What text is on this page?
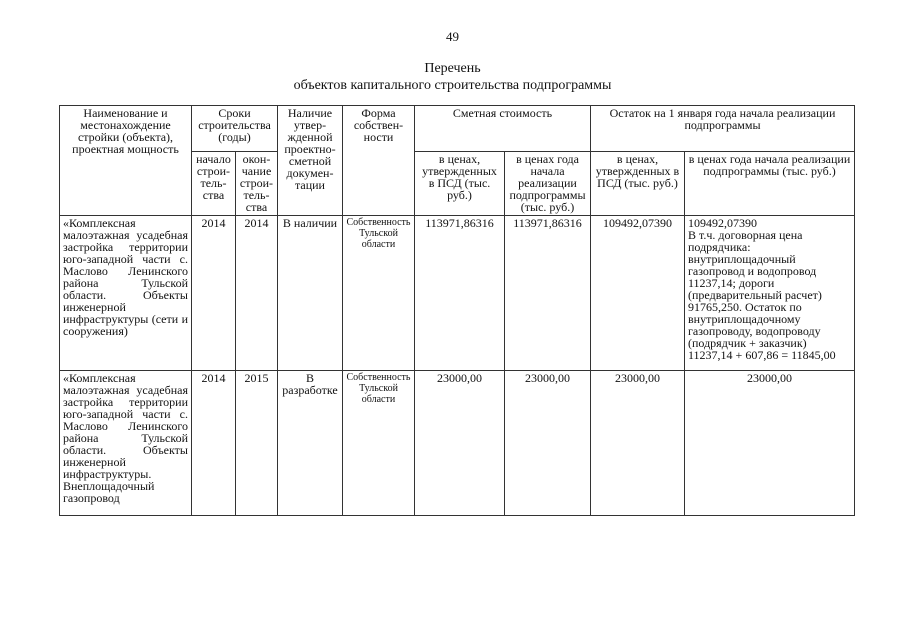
49
Перечень
объектов капитального строительства подпрограммы
Наименование и местонахождение стройки (объекта), проектная мощность	Сроки строительства (годы)		Наличие утвер-жденной проектно-сметной докумен-тации	Форма собствен-ности	Сметная стоимость		Остаток на 1 января года начала реализации подпрограммы	
	начало строи-тель-ства	окон-чание строи-тель-ства			в ценах, утвержденных в ПСД (тыс. руб.)	в ценах года начала реализации подпрограммы (тыс. руб.)	в ценах, утвержденных в ПСД (тыс. руб.)	в ценах года начала реализации подпрограммы (тыс. руб.)
«Комплексная малоэтажная усадебная застройка территории юго-западной части с. Маслово Ленинского района Тульской области. Объекты инженерной инфраструктуры (сети и сооружения)	2014	2014	В наличии	Собственность Тульской области	113971,86316	113971,86316	109492,07390	109492,07390
В т.ч. договорная цена подрядчика: внутриплощадочный газопровод и водопровод 11237,14; дороги (предварительный расчет) 91765,250. Остаток по внутриплощадочному газопроводу, водопроводу (подрядчик + заказчик) 11237,14 + 607,86 = 11845,00

«Комплексная малоэтажная усадебная застройка территории юго-западной части с. Маслово Ленинского района Тульской области. Объекты инженерной инфраструктуры. Внеплощадочный газопровод	2014	2015	В разработке	Собственность Тульской области	23000,00	23000,00	23000,00	23000,00
